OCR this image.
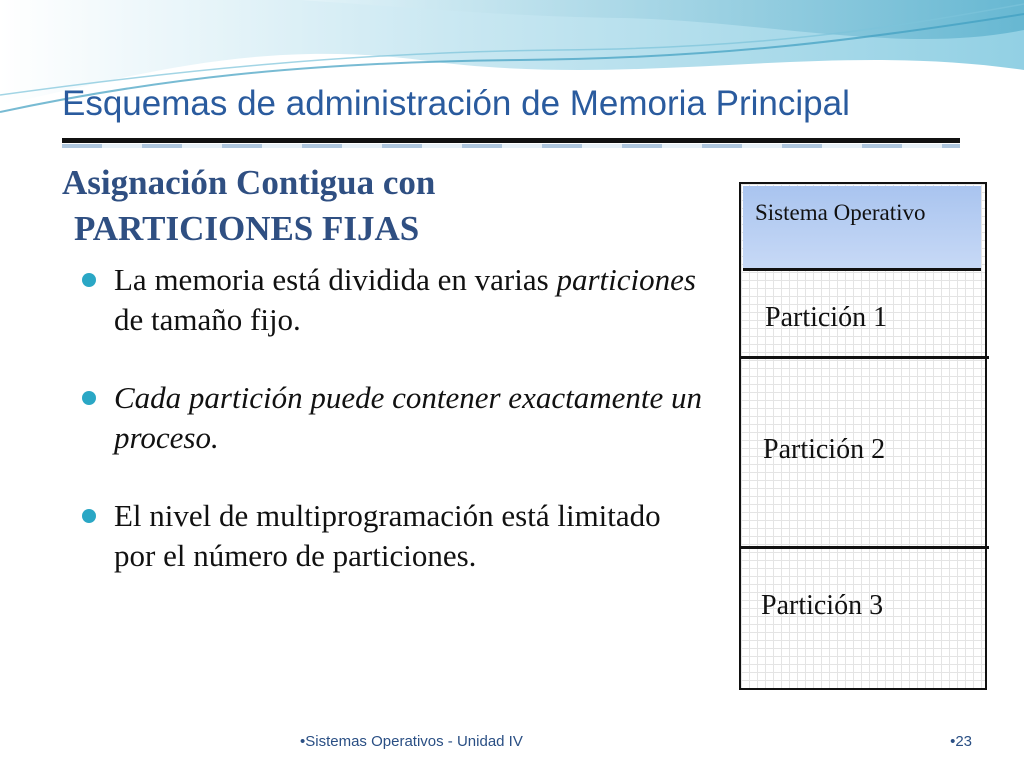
Esquemas de administración de Memoria Principal
Asignación Contigua con
PARTICIONES FIJAS
La memoria está dividida en varias particiones de tamaño fijo.
Cada partición puede contener exactamente un proceso.
El nivel de multiprogramación está limitado por el número de particiones.
Sistema Operativo
Partición 1
Partición 2
Partición 3
•Sistemas Operativos - Unidad IV	•23
